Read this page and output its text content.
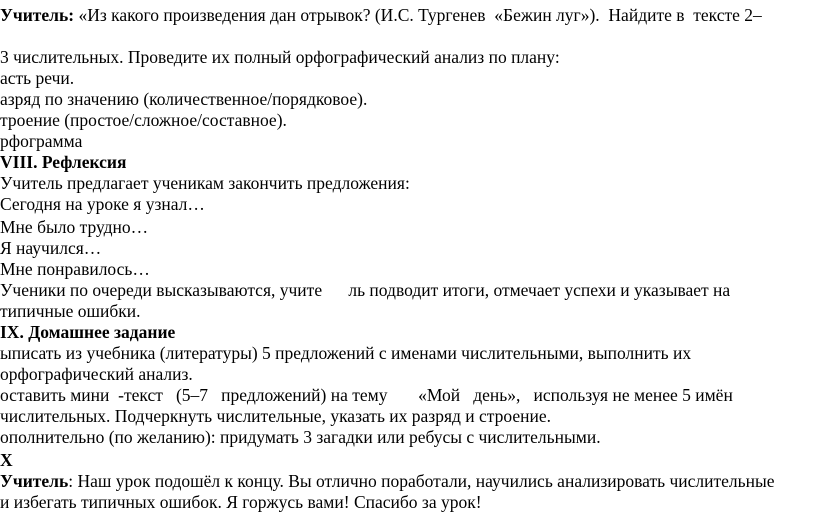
Учитель: «Из какого произведения дан отрывок? (И.С. Тургенев  «Бежин луг»).  Найдите в  тексте 2–

3 числительных. Проведите их полный орфографический анализ по плану:

асть речи.

азряд по значению (количественное/порядковое).

троение (простое/сложное/составное).

рфограмма

VIII. Рефлексия

Учитель предлагает ученикам закончить предложения:

Сегодня на уроке я узнал…

Мне было трудно…

Я научился…

Мне понравилось…

Ученики по очереди высказываются, учите      ль подводит итоги, отмечает успехи и указывает на

типичные ошибки.

IX. Домашнее задание

ыписать из учебника (литературы) 5 предложений с именами числительными, выполнить их

орфографический анализ.

оставить мини  -текст   (5–7   предложений) на тему       «Мой   день»,   используя не менее 5 имён

числительных. Подчеркнуть числительные, указать их разряд и строение.

ополнительно (по желанию): придумать 3 загадки или ребусы с числительными.

X

Учитель: Наш урок подошёл к концу. Вы отлично поработали, научились анализировать числительные

и избегать типичных ошибок. Я горжусь вами! Спасибо за урок!
